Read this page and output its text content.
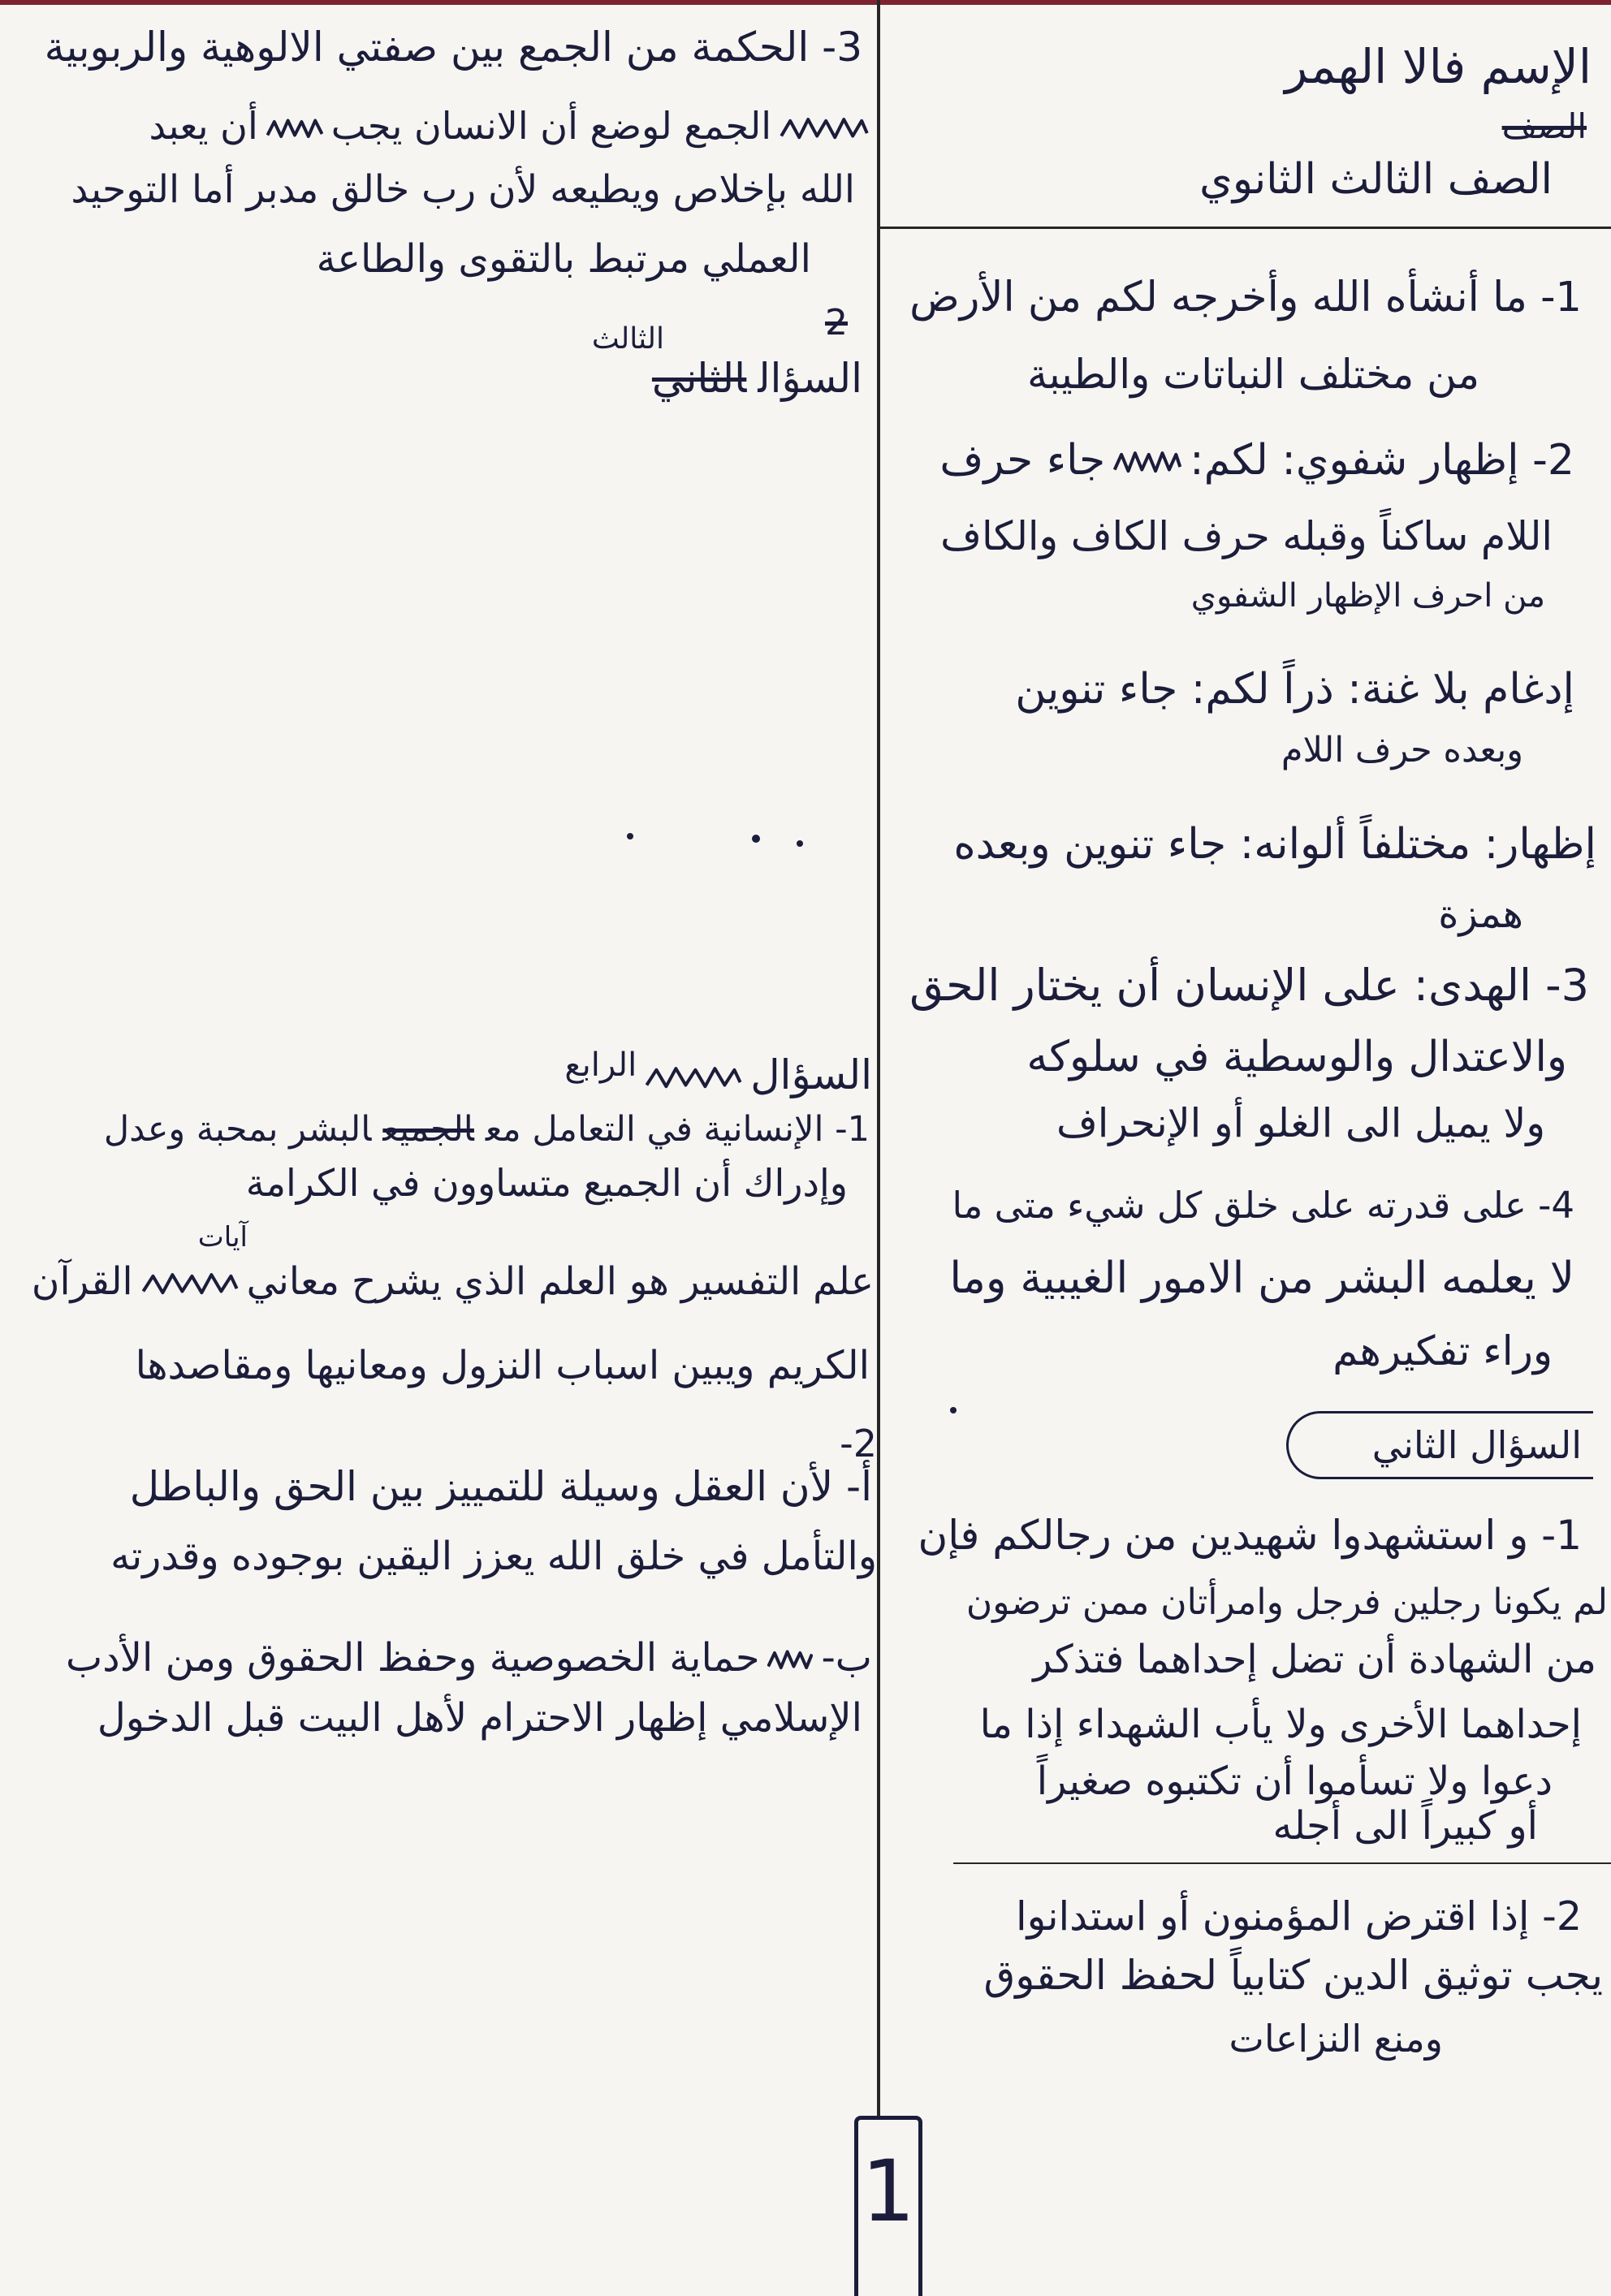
الإسم فالا الهمر
الصف
الصف الثالث الثانوي
1- ما أنشأه الله وأخرجه لكم من الأرض
من مختلف النباتات والطيبة
2- إظهار شفوي: لكم:
جاء حرف
اللام ساكناً وقبله حرف الكاف والكاف
من احرف الإظهار الشفوي
إدغام بلا غنة: ذراً لكم: جاء تنوين
وبعده حرف اللام
إظهار: مختلفاً ألوانه: جاء تنوين وبعده
همزة
3- الهدى: على الإنسان أن يختار الحق
والاعتدال والوسطية في سلوكه
ولا يميل الى الغلو أو الإنحراف
4- على قدرته على خلق كل شيء متى ما
لا يعلمه البشر من الامور الغيبية وما
وراء تفكيرهم
السؤال الثاني
1- و استشهدوا شهيدين من رجالكم فإن
لم يكونا رجلين فرجل وامرأتان ممن ترضون
من الشهادة أن تضل إحداهما فتذكر
إحداهما الأخرى ولا يأب الشهداء إذا ما
دعوا ولا تسأموا أن تكتبوه صغيراً
أو كبيراً الى أجله
2- إذا اقترض المؤمنون أو استدانوا
يجب توثيق الدين كتابياً لحفظ الحقوق
ومنع النزاعات
3- الحكمة من الجمع بين صفتي الالوهية والربوبية
الجمع لوضع أن الانسان يجب
أن يعبد
الله بإخلاص ويطيعه لأن رب خالق مدبر أما التوحيد
العملي مرتبط بالتقوى والطاعة
2
الثالث
السؤالالثاني
السؤال
$^{الرابع}$
1- الإنسانية في التعامل معالجميعالبشر بمحبة وعدل
وإدراك أن الجميع متساوون في الكرامة
آيات
علم التفسير هو العلم الذي يشرح معاني
القرآن
الكريم ويبين اسباب النزول ومعانيها ومقاصدها
2-
أ- لأن العقل وسيلة للتمييز بين الحق والباطل
والتأمل في خلق الله يعزز اليقين بوجوده وقدرته
ب-
حماية الخصوصية وحفظ الحقوق ومن الأدب
الإسلامي إظهار الاحترام لأهل البيت قبل الدخول
1
